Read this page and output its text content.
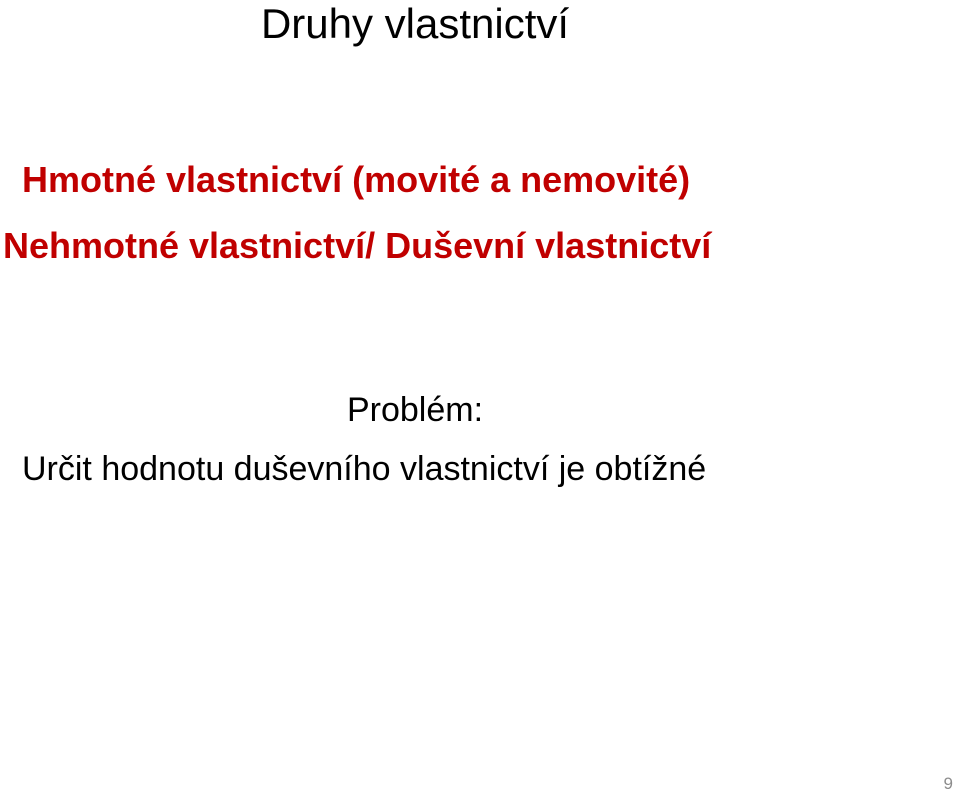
Druhy vlastnictví

Hmotné vlastnictví (movité a nemovité)

Nehmotné vlastnictví/ Duševní vlastnictví

Problém:

Určit hodnotu duševního vlastnictví je obtížné

9
